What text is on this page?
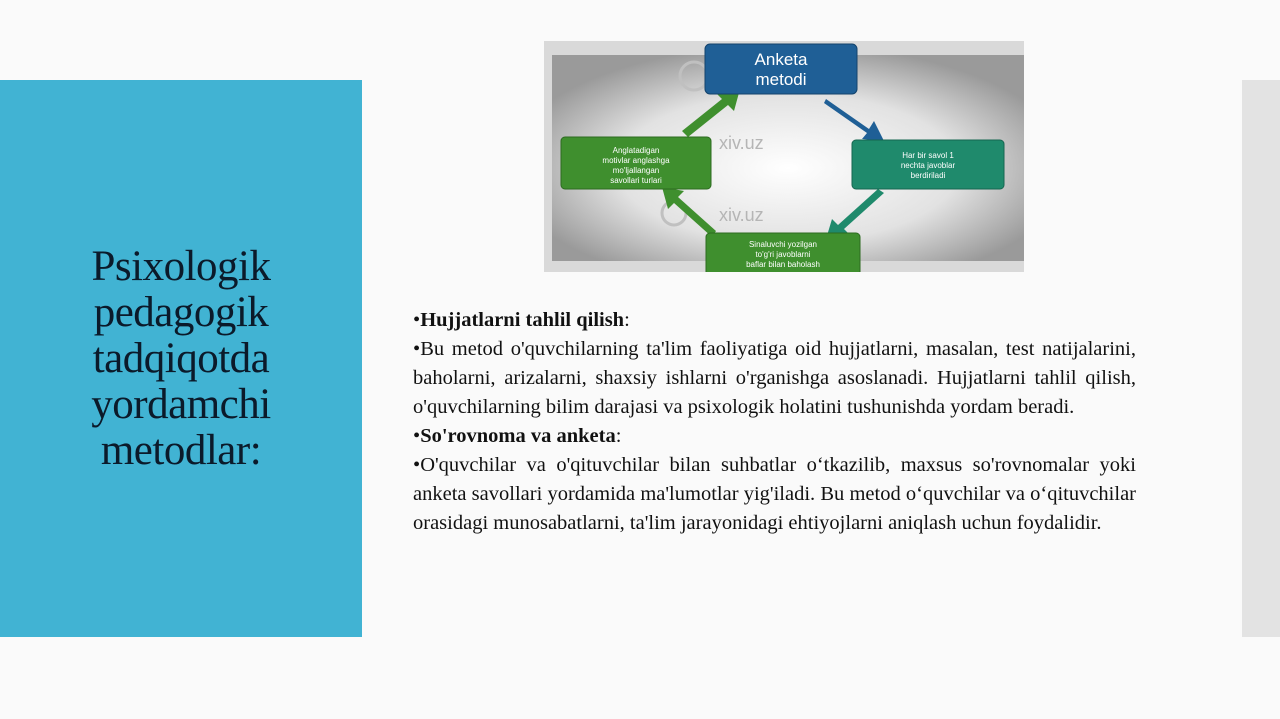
Psixologik pedagogik tadqiqotda yordamchi metodlar:
xiv.uz
xiv.uz
Anketa
metodi
Anglatadigan
motivlar anglashga
mo'ljallangan
savollari turlari
Har bir savol 1
nechta javoblar
berdiriladi
Sinaluvchi yozilgan
to'g'ri javoblarni
baflar bilan baholash

•Hujjatlarni tahlil qilish:

•Bu metod o'quvchilarning ta'lim faoliyatiga oid hujjatlarni, masalan, test natijalarini, baholarni, arizalarni, shaxsiy ishlarni o'rganishga asoslanadi. Hujjatlarni tahlil qilish, o'quvchilarning bilim darajasi va psixologik holatini tushunishda yordam beradi.

•So'rovnoma va anketa:

•O'quvchilar va o'qituvchilar bilan suhbatlar o‘tkazilib, maxsus so'rovnomalar yoki anketa savollari yordamida ma'lumotlar yig'iladi. Bu metod o‘quvchilar va o‘qituvchilar orasidagi munosabatlarni, ta'lim jarayonidagi ehtiyojlarni aniqlash uchun foydalidir.
